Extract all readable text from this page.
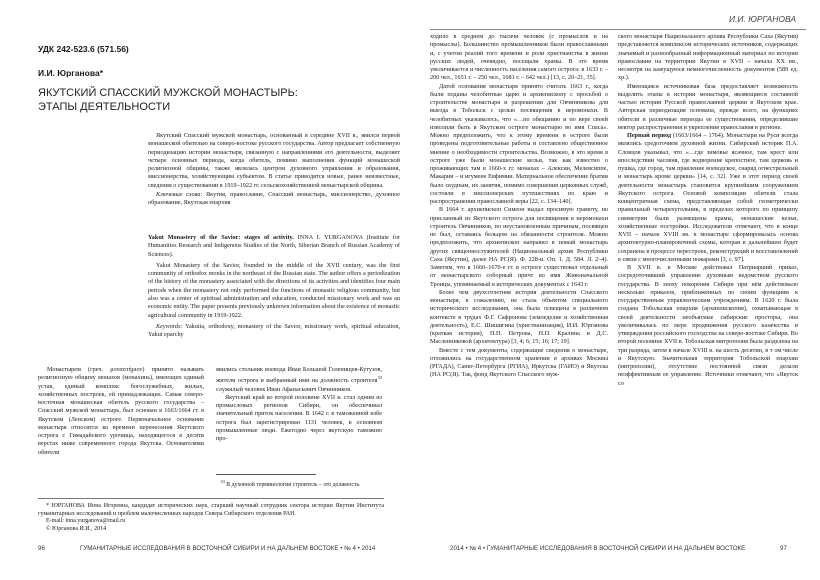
УДК 242-523.6 (571.56)
И.И. Юрганова*
ЯКУТСКИЙ СПАССКИЙ МУЖСКОЙ МОНАСТЫРЬ:
ЭТАПЫ ДЕЯТЕЛЬНОСТИ

Якутский Спасский мужской монастырь, основанный в середине XVII в., явился первой монашеской обителью на северо-востоке русского государства. Автор предлагает собственную периодизацию истории монастыря, связанную с направлениями его деятельности, выделяет четыре основных периода, когда обитель, помимо выполнения функций монашеской религиозной общины, также являлась центром духовного управления и образования, миссионерства, хозяйствующим субъектом. В статье приводятся новые, ранее неизвестные, сведения о существовании в 1919–1922 гг. сельскохозяйственной монастырской общины.

Ключевые слова: Якутия, православие, Спасский монастырь, миссионерство, духовное образование, Якутская епархия

Yakut Monastery of the Savior: stages of activity. INNA I. YURGANOVA (Institute for Humanities Research and Indigenous Studies of the North, Siberian Branch of Russian Academy of Sciences).

Yakut Monastery of the Savior, founded in the middle of the XVII century, was the first community of orthodox monks in the northeast of the Russian state. The author offers a periodization of the history of the monastery associated with the directions of its activities and identifies four main periods when the monastery not only performed the functions of monastic religious community, but also was a center of spiritual administration and education, conducted missionary work and was an economic entity. The paper presents previously unknown information about the existence of monastic agricultural community in 1919-1922.

Keywords: Yakutia, orthodoxy, monastery of the Savior, missionary work, spiritual education, Yakut eparchy

Монастырем (греч. μοναστήριον) принято называть религиозную общину монахов (монахинь), имеющих единый устав, единый комплекс богослужебных, жилых, хозяйственных построек, ей принадлежащих. Самая северо-восточная монашеская обитель русского государства – Спасский мужской монастырь, был основан в 1663/1664 гг. в Якутском (Ленском) остроге. Первоначальное основание монастыря относится ко времени перенесения Якутского острога с Гимадайского урочища, находящегося в десяти верстах ниже современного города Якутска. Основателями обители

явились стольник воевода Иван Большой Голенищев-Кутузов, жители острога и выбранный ими на должность строителя$^{33}$ служилый человек Иван Афанасьевич Овчинников.

Якутский край ко второй половине XVII в. стал одним из промысловых регионов Сибири, он обеспечивал значительный приток населения. В 1642 г. в таможенной избе острога был зарегистрирован 1131 человек, в основном промышленные люди. Ежегодно через якутскую таможню про-

$^{33}$ В духовной терминологии строитель – это должность.

* ЮРГАНОВА Инна Игоревна, кандидат исторических наук, старший научный сотрудник сектора истории Якутии Института гуманитарных исследований и проблем малочисленных народов Севера Сибирского отделения РАН.

E-mail: inna.yurganova@mail.ru

© Юрганова И.И., 2014

96	ГУМАНИТАРНЫЕ ИССЛЕДОВАНИЯ В ВОСТОЧНОЙ СИБИРИ И НА ДАЛЬНЕМ ВОСТОКЕ • № 4 • 2014
И.И. ЮРГАНОВА

ходило в среднем до тысячи человек (с промыслов и на промыслы). Большинство промышленников были православными и, с учетом реалий того времени и роли христианства в жизни русских людей, очевидно, посещали храмы. В это время увеличивается и численность населения самого острога: в 1633 г. – 200 чел., 1651 г. – 250 чел., 1681 г. – 642 чел.) [13, с. 20–21, 35].

Датой основания монастыря принято считать 1663 г., когда были поданы челобитные царю и архиепископу с просьбой о строительстве монастыря и разрешении для Овчинникова для выезда в Тобольск с целью посвящения в иеромонахи. В челобитных указывалось, что «…по обещанию и по вере своей изволили быть в Якутском остроге монастырю во имя Спаса». Можно предположить, что к этому времени в остроге были проведены подготовительные работы и составлено общественное мнение о необходимости строительства. Возможно, в это время в остроге уже были монашеские кельи, так как известно о проживающих там в 1660-х гг. монахах – Алексии, Мелевсиппе, Макарии – и игумене Евфимии. Материальное обеспечение братии было скудным, их занятия, помимо совершения церковных служб, состояли в миссионерских путешествиях по краю и распространении православной веры [22, с. 134–140].

В 1664 г. архиепископ Симеон выдал просимую грамоту, но присланный из Якутского острога для посвящения в иеромонахи строитель Овчинников, по неустановленным причинам, посвящен не был, оставаясь бельцом на обязанности строителя. Можно предположить, что архиепископ направил в новый монастырь других священнослужителей (Национальный архив Республики Саха (Якутия), далее НА РС(Я). Ф. 228-и. Оп. 1. Д. 584. Л. 2–4). Заметим, что в 1660–1670-е гг. в остроге существовал отдельный от монастырского соборный причт во имя Живоначальной Троицы, упоминаемый в исторических документах с 1643 г.

Более чем двухсотлетняя история деятельности Спасского монастыря, к сожалению, не стала объектом специального исторического исследования, она была освещена в различном контексте в трудах Ф.Г. Сафронова (земледелие и хозяйственная деятельность), Е.С. Шишигина (христианизация), И.И. Юрганова (краткая история), П.П. Петрова, Н.П. Кралина и Д.С. Масленниковой (архитектура) [3, 4; 6; 15; 16; 17; 19].

Вместе с тем документы, содержащие сведения о монастыре, отложились на государственном хранении в архивах Москвы (РГАДА), Санкт-Петербурга (РГИА), Иркутска (ГАИО) и Якутска (НА РС(Я). Так, фонд Якутского Спасского муж-

ского монастыря Национального архива Республики Саха (Якутия) представляется комплексом исторических источников, содержащих значимый и разнообразный информационный материал по истории православия на территории Якутии в XVII – начала XX вв., несмотря на кажущуюся немногочисленность документов (589 ед. хр.).

Имеющаяся источниковая база предоставляет возможность выделить этапы в истории монастыря, являющиеся составной частью истории Русской православной церкви в Якутском крае. Авторская периодизация основана, прежде всего, на функциях обители в различные периоды ее существования, определившие вектор распространения и укрепления православия в регионе.

Первый период (1663/1664 – 1764). Монастыри на Руси всегда являлись средоточием духовной жизни. Сибирский историк П.А. Словцов указывал, что «…где зимовье ясачное, там крест или впоследствии часовня, где водворение крепостное, там церковь и пушка, где город, там правление воеводское, снаряд огнестрельный и монастырь кроме церкви» [14, с. 32]. Уже в этот период своей деятельности монастырь становится крупнейшим сооружением Якутского острога. Основой композиции обители стала концентричная схема, представляющая собой геометрически правильный четырехугольник, в пределах которого по принципу симметрии были размещены храмы, монашеские кельи, хозяйственные постройки. Исследователи отмечают, что в конце XVII – начале XVIII вв. в монастыре сформировалась основа архитектурно-планировочной схемы, которая в дальнейшем будет сохранена в процессе перестроек, реконструкций и восстановлений в связи с многочисленными пожарами [3, с. 97].

В XVII в. в Москве действовал Патриарший приказ, сосредоточивший управление духовным ведомством русского государства. В эпоху покорения Сибири при нём действовало несколько приказов, приближенных по своим функциям к государственным управленческим учреждениям. В 1620 г. была создана Тобольская епархия (архиепископия), охватывающая в своей деятельности необъятные сибирские просторы, она увеличивалась по мере продвижения русского казачества и утверждения российского господства на северо-востоке Сибири. Во второй половине XVII в. Тобольская митрополия была разделена на три разряда, затем в начале XVIII в. на шесть десятин, в т ом числе и Якутскую. Значительная территория Тобольской епархии (митрополии), отсутствие постоянной связи делали неэффективным ее управление. Источники отмечают, что «Якутск со

2014 • № 4 • ГУМАНИТАРНЫЕ ИССЛЕДОВАНИЯ В ВОСТОЧНОЙ СИБИРИ И НА ДАЛЬНЕМ ВОСТОКЕ	97
